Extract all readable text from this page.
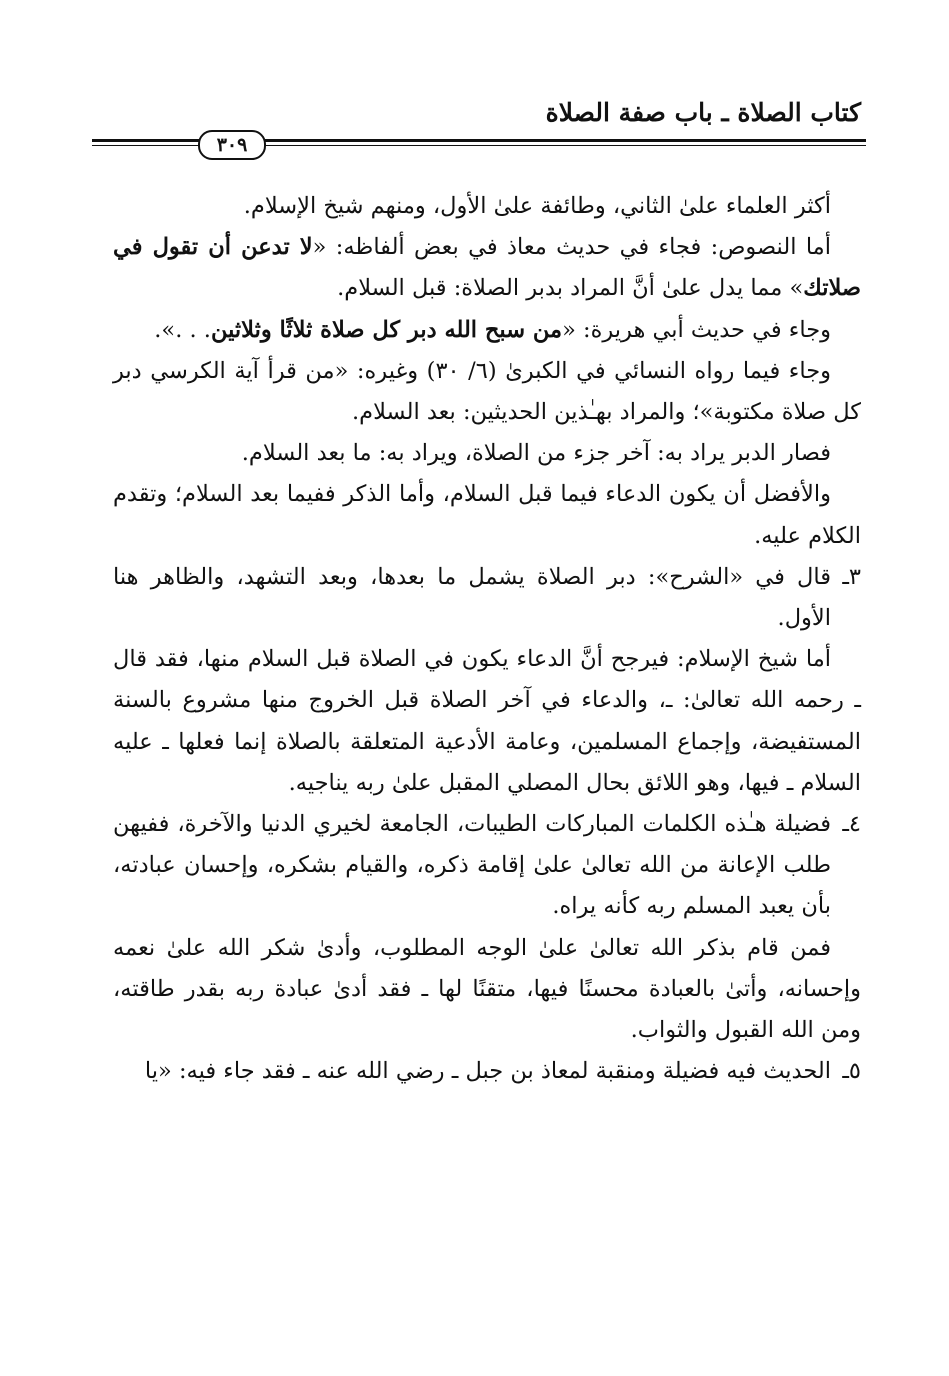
كتاب الصلاة ـ باب صفة الصلاة
٣٠٩

أكثر العلماء علىٰ الثاني، وطائفة علىٰ الأول، ومنهم شيخ الإسلام.

أما النصوص: فجاء في حديث معاذ في بعض ألفاظه: «لا تدعن أن تقول في صلاتك» مما يدل علىٰ أنَّ المراد بدبر الصلاة: قبل السلام.

وجاء في حديث أبي هريرة: «من سبح الله دبر كل صلاة ثلاثًا وثلاثين. . .».

وجاء فيما رواه النسائي في الكبرىٰ (٦/ ٣٠) وغيره: «من قرأ آية الكرسي دبر كل صلاة مكتوبة»؛ والمراد بهـٰذين الحديثين: بعد السلام.

فصار الدبر يراد به: آخر جزء من الصلاة، ويراد به: ما بعد السلام.

والأفضل أن يكون الدعاء فيما قبل السلام، وأما الذكر ففيما بعد السلام؛ وتقدم الكلام عليه.

٣ـ
قال في «الشرح»: دبر الصلاة يشمل ما بعدها، وبعد التشهد، والظاهر هنا الأول.

أما شيخ الإسلام: فيرجح أنَّ الدعاء يكون في الصلاة قبل السلام منها، فقد قال ـ رحمه الله تعالىٰ: ـ، والدعاء في آخر الصلاة قبل الخروج منها مشروع بالسنة المستفيضة، وإجماع المسلمين، وعامة الأدعية المتعلقة بالصلاة إنما فعلها ـ عليه السلام ـ فيها، وهو اللائق بحال المصلي المقبل علىٰ ربه يناجيه.

٤ـ
فضيلة هـٰذه الكلمات المباركات الطيبات، الجامعة لخيري الدنيا والآخرة، ففيهن طلب الإعانة من الله تعالىٰ علىٰ إقامة ذكره، والقيام بشكره، وإحسان عبادته، بأن يعبد المسلم ربه كأنه يراه.

فمن قام بذكر الله تعالىٰ علىٰ الوجه المطلوب، وأدىٰ شكر الله علىٰ نعمه وإحسانه، وأتىٰ بالعبادة محسنًا فيها، متقنًا لها ـ فقد أدىٰ عبادة ربه بقدر طاقته، ومن الله القبول والثواب.

٥ـ
الحديث فيه فضيلة ومنقبة لمعاذ بن جبل ـ رضي الله عنه ـ فقد جاء فيه: «يا
